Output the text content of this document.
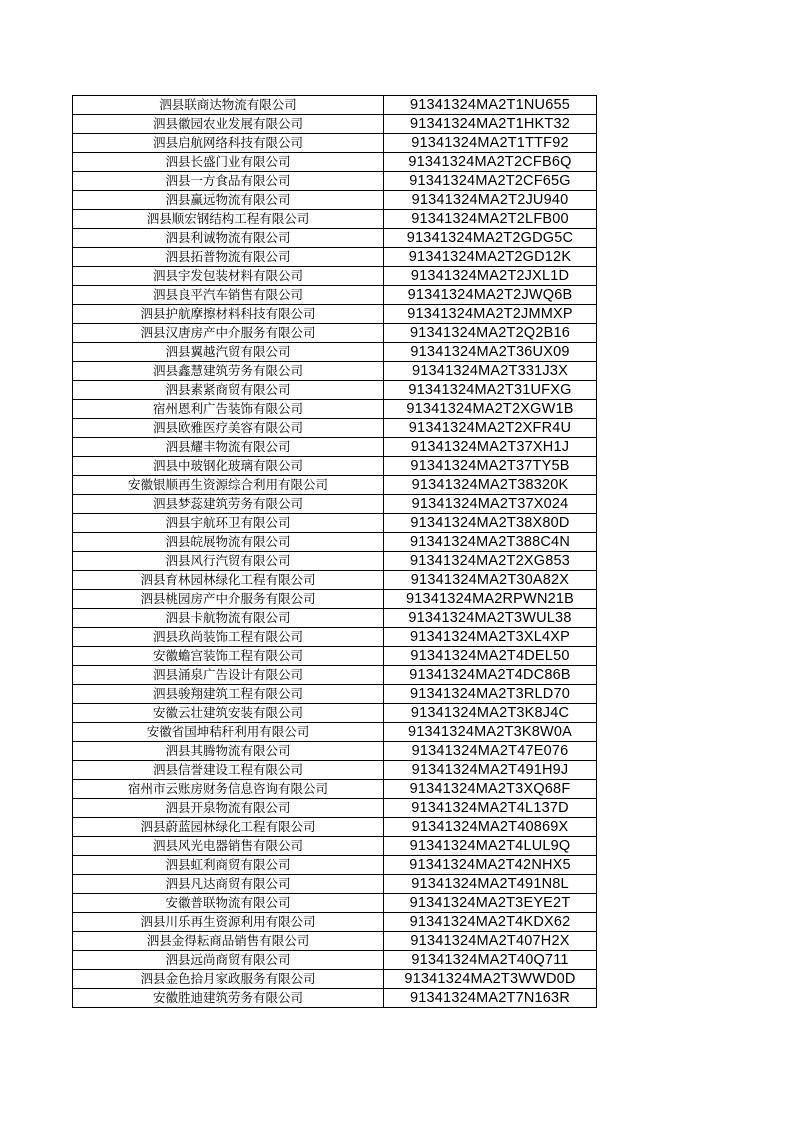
泗县联商达物流有限公司	91341324MA2T1NU655
泗县徽园农业发展有限公司	91341324MA2T1HKT32
泗县启航网络科技有限公司	91341324MA2T1TTF92
泗县长盛门业有限公司	91341324MA2T2CFB6Q
泗县一方食品有限公司	91341324MA2T2CF65G
泗县赢远物流有限公司	91341324MA2T2JU940
泗县顺宏钢结构工程有限公司	91341324MA2T2LFB00
泗县利诚物流有限公司	91341324MA2T2GDG5C
泗县拓普物流有限公司	91341324MA2T2GD12K
泗县宇发包装材料有限公司	91341324MA2T2JXL1D
泗县良平汽车销售有限公司	91341324MA2T2JWQ6B
泗县护航摩擦材料科技有限公司	91341324MA2T2JMMXP
泗县汉唐房产中介服务有限公司	91341324MA2T2Q2B16
泗县翼越汽贸有限公司	91341324MA2T36UX09
泗县鑫慧建筑劳务有限公司	91341324MA2T331J3X
泗县素紧商贸有限公司	91341324MA2T31UFXG
宿州恩利广告装饰有限公司	91341324MA2T2XGW1B
泗县欧雅医疗美容有限公司	91341324MA2T2XFR4U
泗县耀丰物流有限公司	91341324MA2T37XH1J
泗县中玻钢化玻璃有限公司	91341324MA2T37TY5B
安徽银顺再生资源综合利用有限公司	91341324MA2T38320K
泗县梦蕊建筑劳务有限公司	91341324MA2T37X024
泗县宇航环卫有限公司	91341324MA2T38X80D
泗县皖展物流有限公司	91341324MA2T388C4N
泗县风行汽贸有限公司	91341324MA2T2XG853
泗县育林园林绿化工程有限公司	91341324MA2T30A82X
泗县桃园房产中介服务有限公司	91341324MA2RPWN21B
泗县卡航物流有限公司	91341324MA2T3WUL38
泗县玖尚装饰工程有限公司	91341324MA2T3XL4XP
安徽蟾宫装饰工程有限公司	91341324MA2T4DEL50
泗县涌泉广告设计有限公司	91341324MA2T4DC86B
泗县骏翔建筑工程有限公司	91341324MA2T3RLD70
安徽云壮建筑安装有限公司	91341324MA2T3K8J4C
安徽省国坤秸秆利用有限公司	91341324MA2T3K8W0A
泗县其腾物流有限公司	91341324MA2T47E076
泗县信誉建设工程有限公司	91341324MA2T491H9J
宿州市云账房财务信息咨询有限公司	91341324MA2T3XQ68F
泗县开泉物流有限公司	91341324MA2T4L137D
泗县蔚蓝园林绿化工程有限公司	91341324MA2T40869X
泗县风光电器销售有限公司	91341324MA2T4LUL9Q
泗县虹利商贸有限公司	91341324MA2T42NHX5
泗县凡达商贸有限公司	91341324MA2T491N8L
安徽普联物流有限公司	91341324MA2T3EYE2T
泗县川乐再生资源利用有限公司	91341324MA2T4KDX62
泗县金得耘商品销售有限公司	91341324MA2T407H2X
泗县远尚商贸有限公司	91341324MA2T40Q711
泗县金色拾月家政服务有限公司	91341324MA2T3WWD0D
安徽胜迪建筑劳务有限公司	91341324MA2T7N163R
